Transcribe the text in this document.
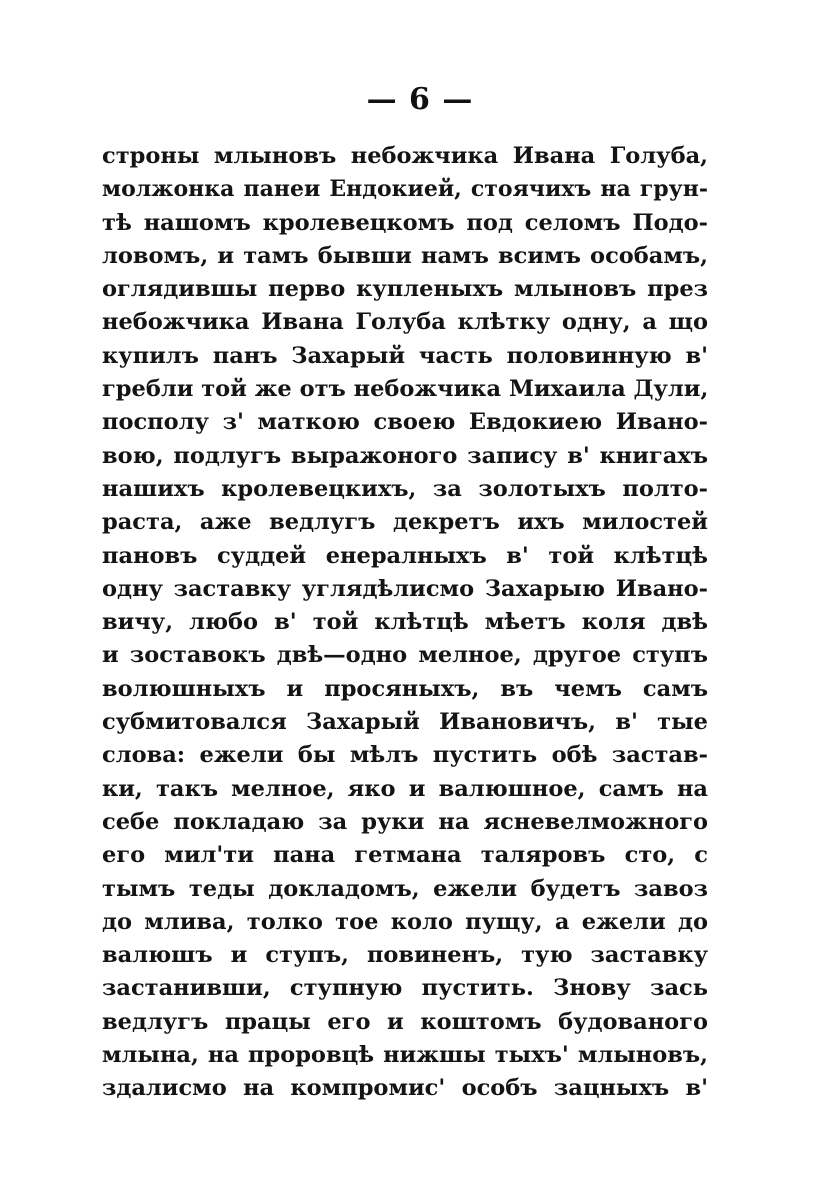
— 6 —
строны млыновъ небожчика Ивана Голуба,
молжонка панеи Ендокией, стоячихъ на грун-
тѣ нашомъ кролевецкомъ под селомъ Подо-
ловомъ, и тамъ бывши намъ всимъ особамъ,
оглядившы перво купленыхъ млыновъ през
небожчика Ивана Голуба клѣтку одну, а що
купилъ панъ Захарый часть половинную в'
гребли той же отъ небожчика Михаила Дули,
посполу з' маткою своею Евдокиею Ивано-
вою, подлугъ выражоного запису в' книгахъ
нашихъ кролевецкихъ, за золотыхъ полто-
раста, аже ведлугъ декретъ ихъ милостей
пановъ суддей енералныхъ в' той клѣтцѣ
одну заставку углядѣлисмо Захарыю Ивано-
вичу, любо в' той клѣтцѣ мѣетъ коля двѣ
и зоставокъ двѣ—одно мелное, другое ступъ
волюшныхъ и просяныхъ, въ чемъ самъ
субмитовался Захарый Ивановичъ, в' тые
слова: ежели бы мѣлъ пустить обѣ застав-
ки, такъ мелное, яко и валюшное, самъ на
себе покладаю за руки на ясневелможного
его мил'ти пана гетмана таляровъ сто, с
тымъ теды докладомъ, ежели будетъ завоз
до млива, толко тое коло пущу, а ежели до
валюшъ и ступъ, повиненъ, тую заставку
застанивши, ступную пустить. Знову зась
ведлугъ працы его и коштомъ будованого
млына, на проровцѣ нижшы тыхъ' млыновъ,
здалисмо на компромис' особъ зацныхъ в'
